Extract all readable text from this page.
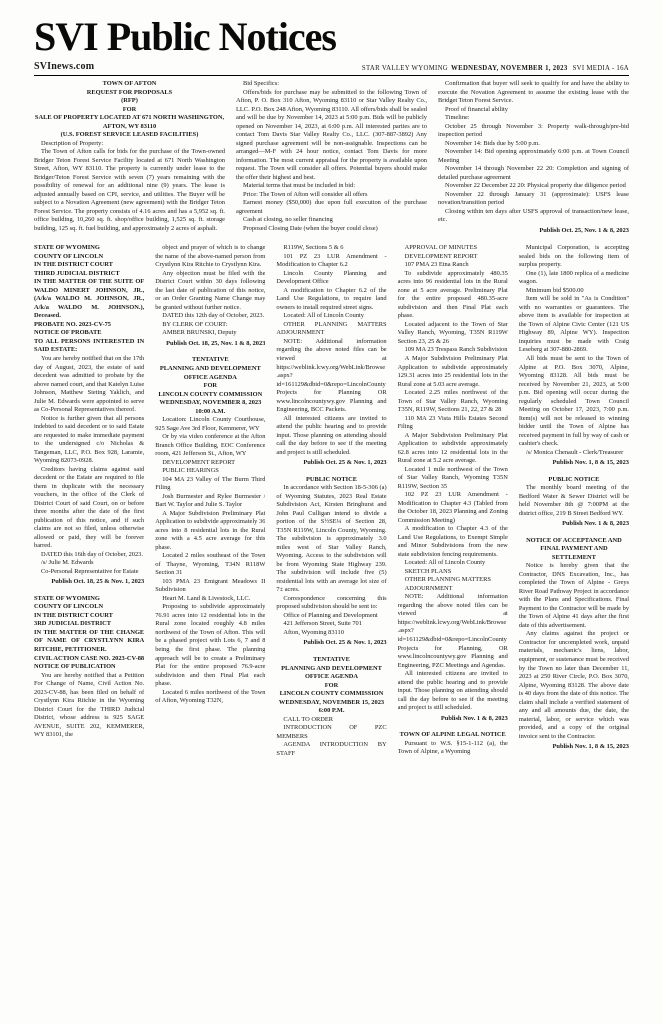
SVI Public Notices
SVInews.com	STAR VALLEY WYOMING WEDNESDAY, NOVEMBER 1, 2023 SVI MEDIA - 16A
TOWN OF AFTON
REQUEST FOR PROPOSALS
(RFP)
FOR
SALE OF PROPERTY LOCATED AT 671 NORTH WASHINGTON, AFTON, WY 83110
(U.S. FOREST SERVICE LEASED FACILITIES)
Description of Property:
The Town of Afton calls for bids for the purchase of the Town-owned Bridger Teton Forest Service Facility located at 671 North Washington Street, Afton, WY 83110. The property is currently under lease to the Bridger/Teton Forest Service with seven (7) years remaining with the possibility of renewal for an additional nine (9) years. The lease is adjusted annually based on CPI, service, and utilities. The Buyer will be subject to a Novation Agreement (new agreement) with the Bridger Teton Forest Service. The property consists of 4.16 acres and has a 5,952 sq. ft. office building, 10,260 sq. ft. shop/office building, 1,525 sq. ft. storage building, 125 sq. ft. fuel building, and approximately 2 acres of asphalt.
Bid Specifics:
Offers/bids for purchase may be submitted to the following Town of Afton, P. O. Box 310 Afton, Wyoming 83110 or Star Valley Realty Co., LLC. P.O. Box 248 Afton, Wyoming 83110. All offers/bids shall be sealed and will be due by November 14, 2023 at 5:00 p.m. Bids will be publicly opened on November 14, 2023, at 6:00 p.m. All interested parties are to contact Tom Davis Star Valley Realty Co., LLC. (307-887-3892) Any signed purchase agreement will be non-assignable. Inspections can be arranged—M-F with 24 hour notice, contact Tom Davis for more information. The most current appraisal for the property is available upon request. The Town will consider all offers. Potential buyers should make the offer their highest and best.
Material terms that must be included in bid:
Price: The Town of Afton will consider all offers
Earnest money ($50,000) due upon full execution of the purchase agreement
Cash at closing, no seller financing
Proposed Closing Date (when the buyer could close)
Confirmation that buyer will seek to qualify for and have the ability to execute the Novation Agreement to assume the existing lease with the Bridget Teton Forest Service.
Proof of financial ability
Timeline:
October 25 through November 3: Property walk-through/pre-bid inspection period
November 14: Bids due by 5:00 p.m.
November 14: Bid opening approximately 6:00 p.m. at Town Council Meeting
November 14 through November 22 20: Completion and signing of detailed purchase agreement
November 22 December 22 20: Physical property due diligence period
November 22 through January 31 (approximate): USFS lease novation/transition period
Closing within ten days after USFS approval of transaction/new lease, etc.
Publish Oct. 25, Nov. 1 & 8, 2023
STATE OF WYOMING
COUNTY OF LINCOLN
IN THE DISTRICT COURT
THIRD JUDICIAL DISTRICT
IN THE MATTER OF THE SUITE OF WALDO MINERT JOHNSON, JR., (A/k/a WALDO M. JOHNSON, JR., A/k/a WALDO M. JOHNSON.), Deceased.
PROBATE NO. 2023-CV-75
NOTICE OF PROBATE
TO ALL PERSONS INTERESTED IN SAID ESTATE:
You are hereby notified that on the 17th day of August, 2023, the estate of said decedent was admitted to probate by the above named court, and that Katelyn Luise Johnson, Matthew Sieting Yaklich, and Julie M. Edwards were appointed to serve as Co-Personal Representatives thereof.
Notice is further given that all persons indebted to said decedent or to said Estate are requested to make immediate payment to the undersigned c/o Nicholas & Tangeman, LLC, P.O. Box 928, Laramie, Wyoming 82073-0928.
Creditors having claims against said decedent or the Estate are required to file them in duplicate with the necessary vouchers, in the office of the Clerk of District Court of said Court, on or before three months after the date of the first publication of this notice, and if such claims are not so filed, unless otherwise allowed or paid, they will be forever barred.
DATED this 16th day of October, 2023.
/s/ Julie M. Edwards
Co-Personal Representative for Estate
Publish Oct. 18, 25 & Nov. 1, 2023
STATE OF WYOMING
COUNTY OF LINCOLN
IN THE DISTRICT COURT
3RD JUDICIAL DISTRICT
IN THE MATTER OF THE CHANGE OF NAME OF CRYSTLYNN KIRA RITCHIE, PETITIONER.
CIVIL ACTION CASE NO. 2023-CV-88
NOTICE OF PUBLICATION
You are hereby notified that a Petition For Change of Name, Civil Action No. 2023-CV-88, has been filed on behalf of Crystlynn Kira Ritchie in the Wyoming District Court for the THIRD Judicial District, whose address is 925 SAGE AVENUE, SUITE 202, KEMMERER, WY 83101, the
object and prayer of which is to change the name of the above-named person from Crystlynn Kira Ritchie to Crystlynn Kira.
Any objection must be filed with the District Court within 30 days following the last date of publication of this notice, or an Order Granting Name Change may be granted without further notice.
DATED this 12th day of October, 2023.
BY CLERK OF COURT:
AMBER BRUNSKI, Deputy
Publish Oct. 18, 25, Nov. 1 & 8, 2023
TENTATIVE
PLANNING AND DEVELOPMENT OFFICE AGENDA
FOR
LINCOLN COUNTY COMMISSION
WEDNESDAY, NOVEMBER 8, 2023
10:00 A.M.
Location: Lincoln County Courthouse, 925 Sage Ave 3rd Floor, Kemmerer, WY
Or by via video conference at the Afton Branch Office Building, EOC Conference room, 421 Jefferson St., Afton, WY
DEVELOPMENT REPORT
PUBLIC HEARINGS
104 MA 23 Valley of The Burm Third Filing
Josh Burmester and Rylee Burmester / Bart W. Taylor and Julie S. Taylor
A Major Subdivision Preliminary Plat Application to subdivide approximately 36 acres into 8 residential lots in the Rural zone with a 4.5 acre average for this phase.
Located 2 miles southeast of the Town of Thayne, Wyoming, T34N R118W Section 31
103 PMA 23 Emigrant Meadows II Subdivision
Heart M. Land & Livestock, LLC.
Proposing to subdivide approximately 76.91 acres into 12 residential lots in the Rural zone located roughly 4.8 miles northwest of the Town of Afton. This will be a phased project with Lots 6, 7 and 8 being the first phase. The planning approach will be to create a Preliminary Plat for the entire proposed 76.9-acre subdivision and then Final Plat each phase.
Located 6 miles northwest of the Town of Afton, Wyoming T32N,
R119W, Sections 5 & 6
101 PZ 23 LUR Amendment - Modification to Chapter 6.2
Lincoln County Planning and Development Office
A modification to Chapter 6.2 of the Land Use Regulations, to require land owners to install required street signs.
Located: All of Lincoln County
OTHER PLANNING MATTERS ADJOURNMENT
NOTE: Additional information regarding the above noted files can be viewed at https://weblink.lcwy.org/WebLink/Browse.aspx?id=161129&dbid=0&repo=LincolnCounty Projects for Planning OR www.lincolncountywy.gov Planning and Engineering, BCC Packets.
All interested citizens are invited to attend the public hearing and to provide input. Those planning on attending should call the day before to see if the meeting and project is still scheduled.
Publish Oct. 25 & Nov. 1, 2023
PUBLIC NOTICE
In accordance with Section 18-5-306 (a) of Wyoming Statutes, 2023 Real Estate Subdivision Act, Kirsten Bringhurst and John Paul Culligan intend to divide a portion of the S½SE¼ of Section 28, T35N R119W, Lincoln County, Wyoming. The subdivision is approximately 3.0 miles west of Star Valley Ranch, Wyoming. Access to the subdivision will be from Wyoming State Highway 239. The subdivision will include five (5) residential lots with an average lot size of 7± acres.
Correspondence concerning this proposed subdivision should be sent to:
Office of Planning and Development
421 Jefferson Street, Suite 701
Afton, Wyoming 83110
Publish Oct. 25 & Nov. 1, 2023
TENTATIVE
PLANNING AND DEVELOPMENT OFFICE AGENDA
FOR
LINCOLN COUNTY COMMISSION
WEDNESDAY, NOVEMBER 15, 2023
6:00 P.M.
CALL TO ORDER
INTRODUCTION OF PZC MEMBERS
AGENDA INTRODUCTION BY STAFF
APPROVAL OF MINUTES
DEVELOPMENT REPORT
107 PMA 23 Etna Ranch
To subdivide approximately 480.35 acres into 96 residential lots in the Rural zone at 5 acre average. Preliminary Plat for the entire proposed 480.35-acre subdivision and then Final Plat each phase.
Located adjacent to the Town of Star Valley Ranch, Wyoming, T35N R119W Section 23, 25 & 26
109 MA 23 Trespass Ranch Subdivision
A Major Subdivision Preliminary Plat Application to subdivide approximately 129.31 acres into 25 residential lots in the Rural zone at 5.03 acre average.
Located 2.25 miles northwest of the Town of Star Valley Ranch, Wyoming T35N, R119W, Sections 21, 22, 27 & 28
110 MA 23 Vista Hills Estates Second Filing
A Major Subdivision Preliminary Plat Application to subdivide approximately 62.8 acres into 12 residential lots in the Rural zone at 5.2 acre average.
Located 1 mile northwest of the Town of Star Valley Ranch, Wyoming T35N R119W, Section 35
102 PZ 23 LUR Amendment - Modification to Chapter 4.3 (Tabled from the October 18, 2023 Planning and Zoning Commission Meeting)
A modification to Chapter 4.3 of the Land Use Regulations, to Exempt Simple and Minor Subdivisions from the new state subdivision fencing requirements.
Located: All of Lincoln County
SKETCH PLANS
OTHER PLANNING MATTERS
ADJOURNMENT
NOTE: Additional information regarding the above noted files can be viewed at https://weblink.lcwy.org/WebLink/Browse.aspx?id=161129&dbid=0&repo=LincolnCounty Projects for Planning, OR www.lincolncountywy.gov Planning and Engineering, PZC Meetings and Agendas.
All interested citizens are invited to attend the public hearing and to provide input. Those planning on attending should call the day before to see if the meeting and project is still scheduled.
Publish Nov. 1 & 8, 2023
TOWN OF ALPINE LEGAL NOTICE
Pursuant to W.S. §15-1-112 (a), the Town of Alpine, a Wyoming
Municipal Corporation, is accepting sealed bids on the following item of surplus property.
One (1), late 1800 replica of a medicine wagon.
Minimum bid $500.00
Item will be sold in "As is Condition" with no warranties or guarantees. The above item is available for inspection at the Town of Alpine Civic Center (121 US Highway 89, Alpine WY). Inspection inquiries must be made with Craig Leseberg at 307-880-2869.
All bids must be sent to the Town of Alpine at P.O. Box 3070, Alpine, Wyoming 83128. All bids must be received by November 21, 2023, at 5:00 p.m. Bid opening will occur during the regularly scheduled Town Council Meeting on October 17, 2023, 7:00 p.m. Item(s) will not be released to winning bidder until the Town of Alpine has received payment in full by way of cash or cashier's check.
/s/ Monica Chenault - Clerk/Treasurer
Publish Nov. 1, 8 & 15, 2023
PUBLIC NOTICE
The monthly board meeting of the Bedford Water & Sewer District will be held November 8th @ 7:00PM at the district office, 219 B Street Bedford WY.
Publish Nov. 1 & 8, 2023
NOTICE OF ACCEPTANCE AND FINAL PAYMENT AND SETTLEMENT
Notice is hereby given that the Contractor, DNS Excavation, Inc., has completed the Town of Alpine - Greys River Road Pathway Project in accordance with the Plans and Specifications. Final Payment to the Contractor will be made by the Town of Alpine 41 days after the first date of this advertisement.
Any claims against the project or Contractor for uncompleted work, unpaid materials, mechanic's liens, labor, equipment, or sustenance must be received by the Town no later than December 11, 2023 at 250 River Circle, P.O. Box 3070, Alpine, Wyoming 83128. The above date is 40 days from the date of this notice. The claim shall include a verified statement of any and all amounts due, the date, the material, labor, or service which was provided, and a copy of the original invoice sent to the Contractor.
Publish Nov. 1, 8 & 15, 2023
